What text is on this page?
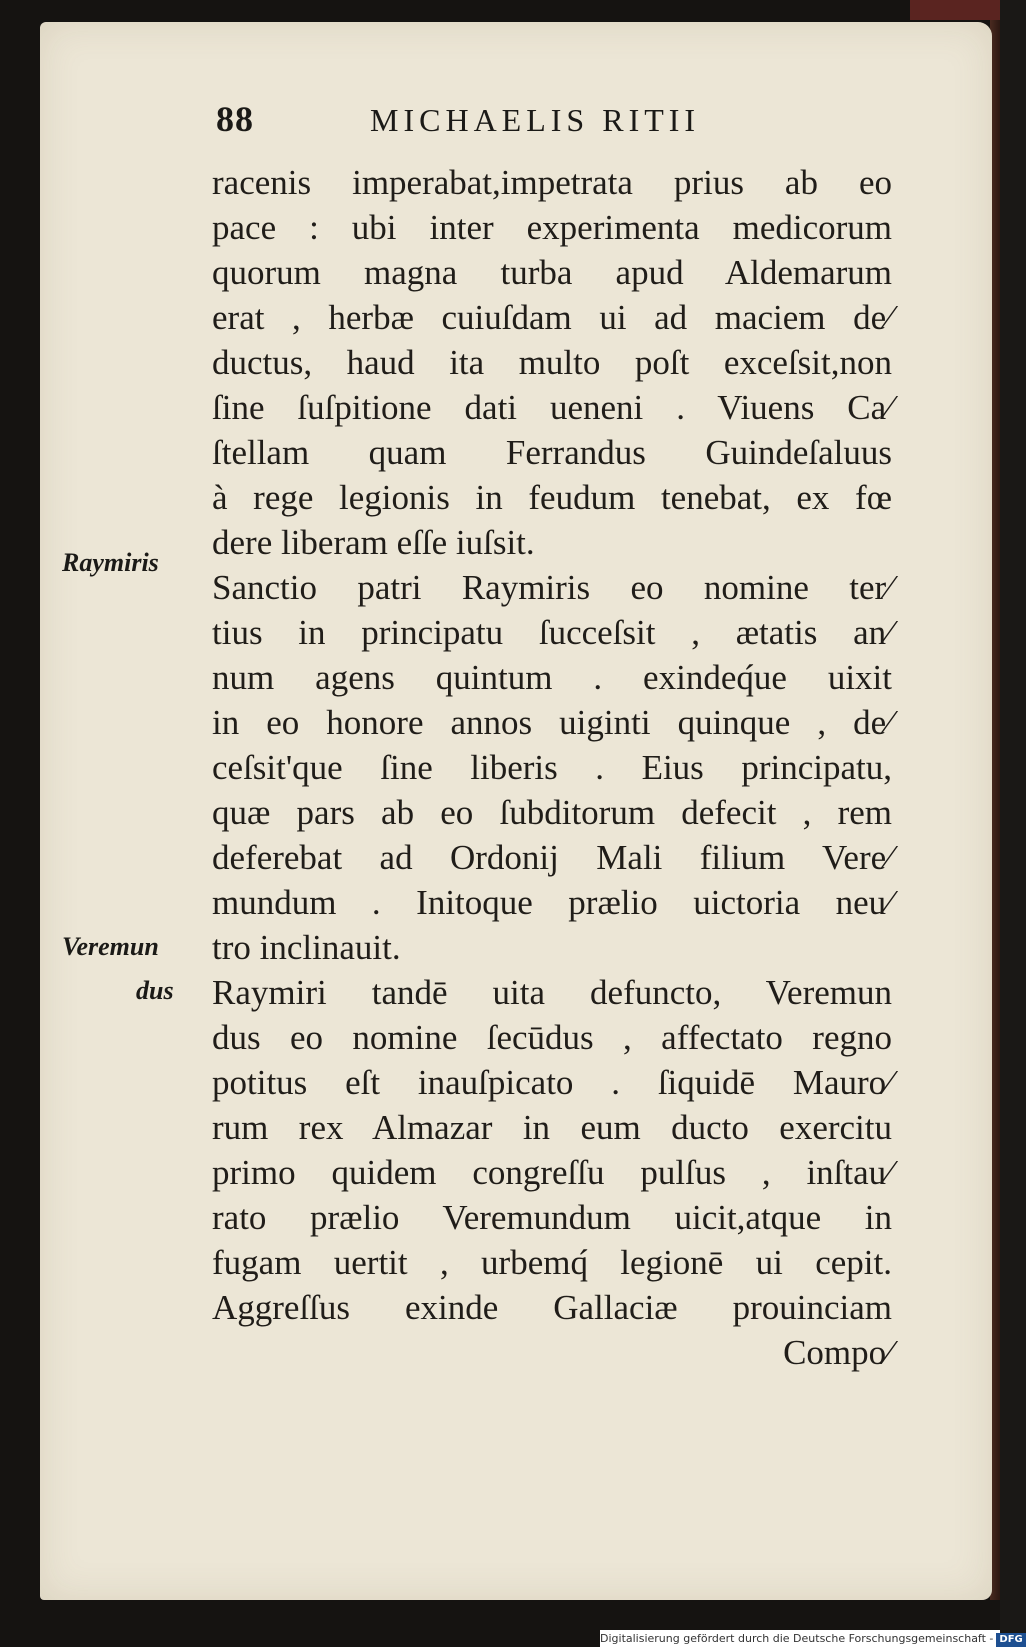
88	MICHAELIS RITII
Raymiris
Veremun
dus
racenis imperabat,impetrata prius ab eo
pace : ubi inter experimenta medicorum
quorum magna turba apud Aldemarum
erat , herbæ cuiuſdam ui ad maciem de⁄
ductus, haud ita multo poſt exceſsit,non
ſine ſuſpitione dati ueneni . Viuens Ca⁄
ſtellam quam Ferrandus Guindeſaluus
à rege legionis in feudum tenebat, ex fœ
dere liberam eſſe iuſsit.
Sanctio patri Raymiris eo nomine ter⁄
tius in principatu ſucceſsit , ætatis an⁄
num agens quintum . exindeq́ue uixit
in eo honore annos uiginti quinque , de⁄
ceſsit'que ſine liberis . Eius principatu,
quæ pars ab eo ſubditorum defecit , rem
deferebat ad Ordonij Mali filium Vere⁄
mundum . Initoque prælio uictoria neu⁄
tro inclinauit.
Raymiri tandē uita defuncto, Veremun
dus eo nomine ſecūdus , affectato regno
potitus eſt inauſpicato . ſiquidē Mauro⁄
rum rex Almazar in eum ducto exercitu
primo quidem congreſſu pulſus , inſtau⁄
rato prælio Veremundum uicit,atque in
fugam uertit , urbemq́ legionē ui cepit.
Aggreſſus exinde Gallaciæ prouinciam
Compo⁄
Digitalisierung gefördert durch die Deutsche Forschungsgemeinschaft - DFG
